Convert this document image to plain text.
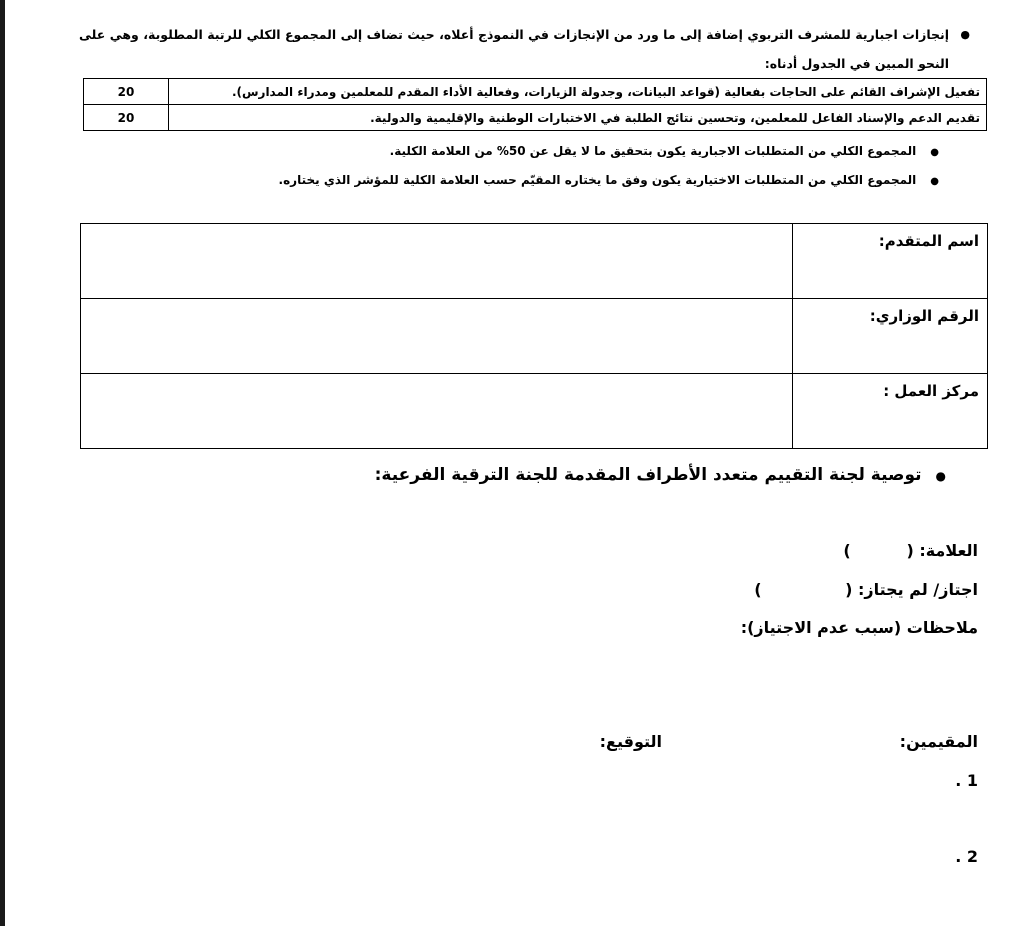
●
إنجازات اجبارية للمشرف التربوي إضافة إلى ما ورد من الإنجازات في النموذج أعلاه، حيث تضاف إلى المجموع الكلي للرتبة المطلوبة، وهي على النحو المبين في الجدول أدناه:
تفعيل الإشراف القائم على الحاجات بفعالية (قواعد البيانات، وجدولة الزيارات، وفعالية الأداء المقدم للمعلمين ومدراء المدارس).	20
تقديم الدعم والإسناد الفاعل للمعلمين، وتحسين نتائج الطلبة في الاختبارات الوطنية والإقليمية والدولية.	20
●المجموع الكلي من المتطلبات الاجبارية يكون بتحقيق ما لا يقل عن 50% من العلامة الكلية.
●المجموع الكلي من المتطلبات الاختيارية يكون وفق ما يختاره المقيّم حسب العلامة الكلية للمؤشر الذي يختاره.
اسم المتقدم:	
الرقم الوزاري:	
مركز العمل :	
●توصية لجنة التقييم متعدد الأطراف المقدمة للجنة الترقية الفرعية:
العلامة: (          )
اجتاز/ لم يجتاز: (               )
ملاحظات (سبب عدم الاجتياز):
المقيمين:
التوقيع:
. 1
. 2
